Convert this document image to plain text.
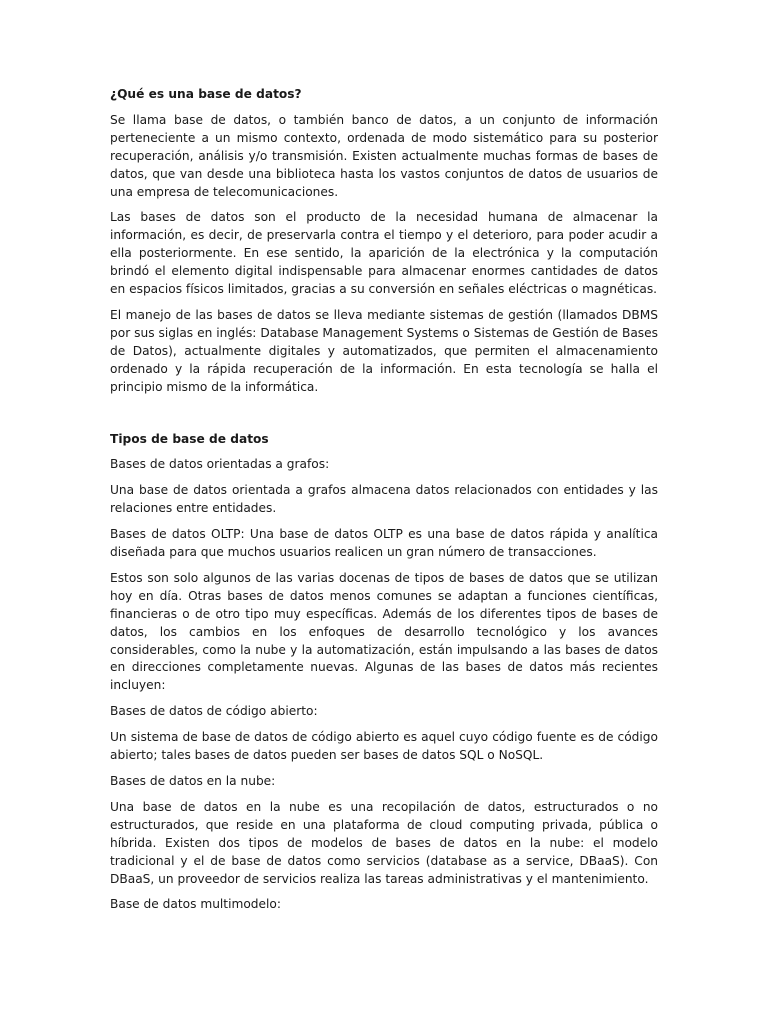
¿Qué es una base de datos?

Se llama base de datos, o también banco de datos, a un conjunto de información perteneciente a un mismo contexto, ordenada de modo sistemático para su posterior recuperación, análisis y/o transmisión. Existen actualmente muchas formas de bases de datos, que van desde una biblioteca hasta los vastos conjuntos de datos de usuarios de una empresa de telecomunicaciones.

Las bases de datos son el producto de la necesidad humana de almacenar la información, es decir, de preservarla contra el tiempo y el deterioro, para poder acudir a ella posteriormente. En ese sentido, la aparición de la electrónica y la computación brindó el elemento digital indispensable para almacenar enormes cantidades de datos en espacios físicos limitados, gracias a su conversión en señales eléctricas o magnéticas.

El manejo de las bases de datos se lleva mediante sistemas de gestión (llamados DBMS por sus siglas en inglés: Database Management Systems o Sistemas de Gestión de Bases de Datos), actualmente digitales y automatizados, que permiten el almacenamiento ordenado y la rápida recuperación de la información. En esta tecnología se halla el principio mismo de la informática.

Tipos de base de datos

Bases de datos orientadas a grafos:

Una base de datos orientada a grafos almacena datos relacionados con entidades y las relaciones entre entidades.

Bases de datos OLTP: Una base de datos OLTP es una base de datos rápida y analítica diseñada para que muchos usuarios realicen un gran número de transacciones.

Estos son solo algunos de las varias docenas de tipos de bases de datos que se utilizan hoy en día. Otras bases de datos menos comunes se adaptan a funciones científicas, financieras o de otro tipo muy específicas. Además de los diferentes tipos de bases de datos, los cambios en los enfoques de desarrollo tecnológico y los avances considerables, como la nube y la automatización, están impulsando a las bases de datos en direcciones completamente nuevas. Algunas de las bases de datos más recientes incluyen:

Bases de datos de código abierto:

Un sistema de base de datos de código abierto es aquel cuyo código fuente es de código abierto; tales bases de datos pueden ser bases de datos SQL o NoSQL.

Bases de datos en la nube:

Una base de datos en la nube es una recopilación de datos, estructurados o no estructurados, que reside en una plataforma de cloud computing privada, pública o híbrida. Existen dos tipos de modelos de bases de datos en la nube: el modelo tradicional y el de base de datos como servicios (database as a service, DBaaS). Con DBaaS, un proveedor de servicios realiza las tareas administrativas y el mantenimiento.

Base de datos multimodelo:
